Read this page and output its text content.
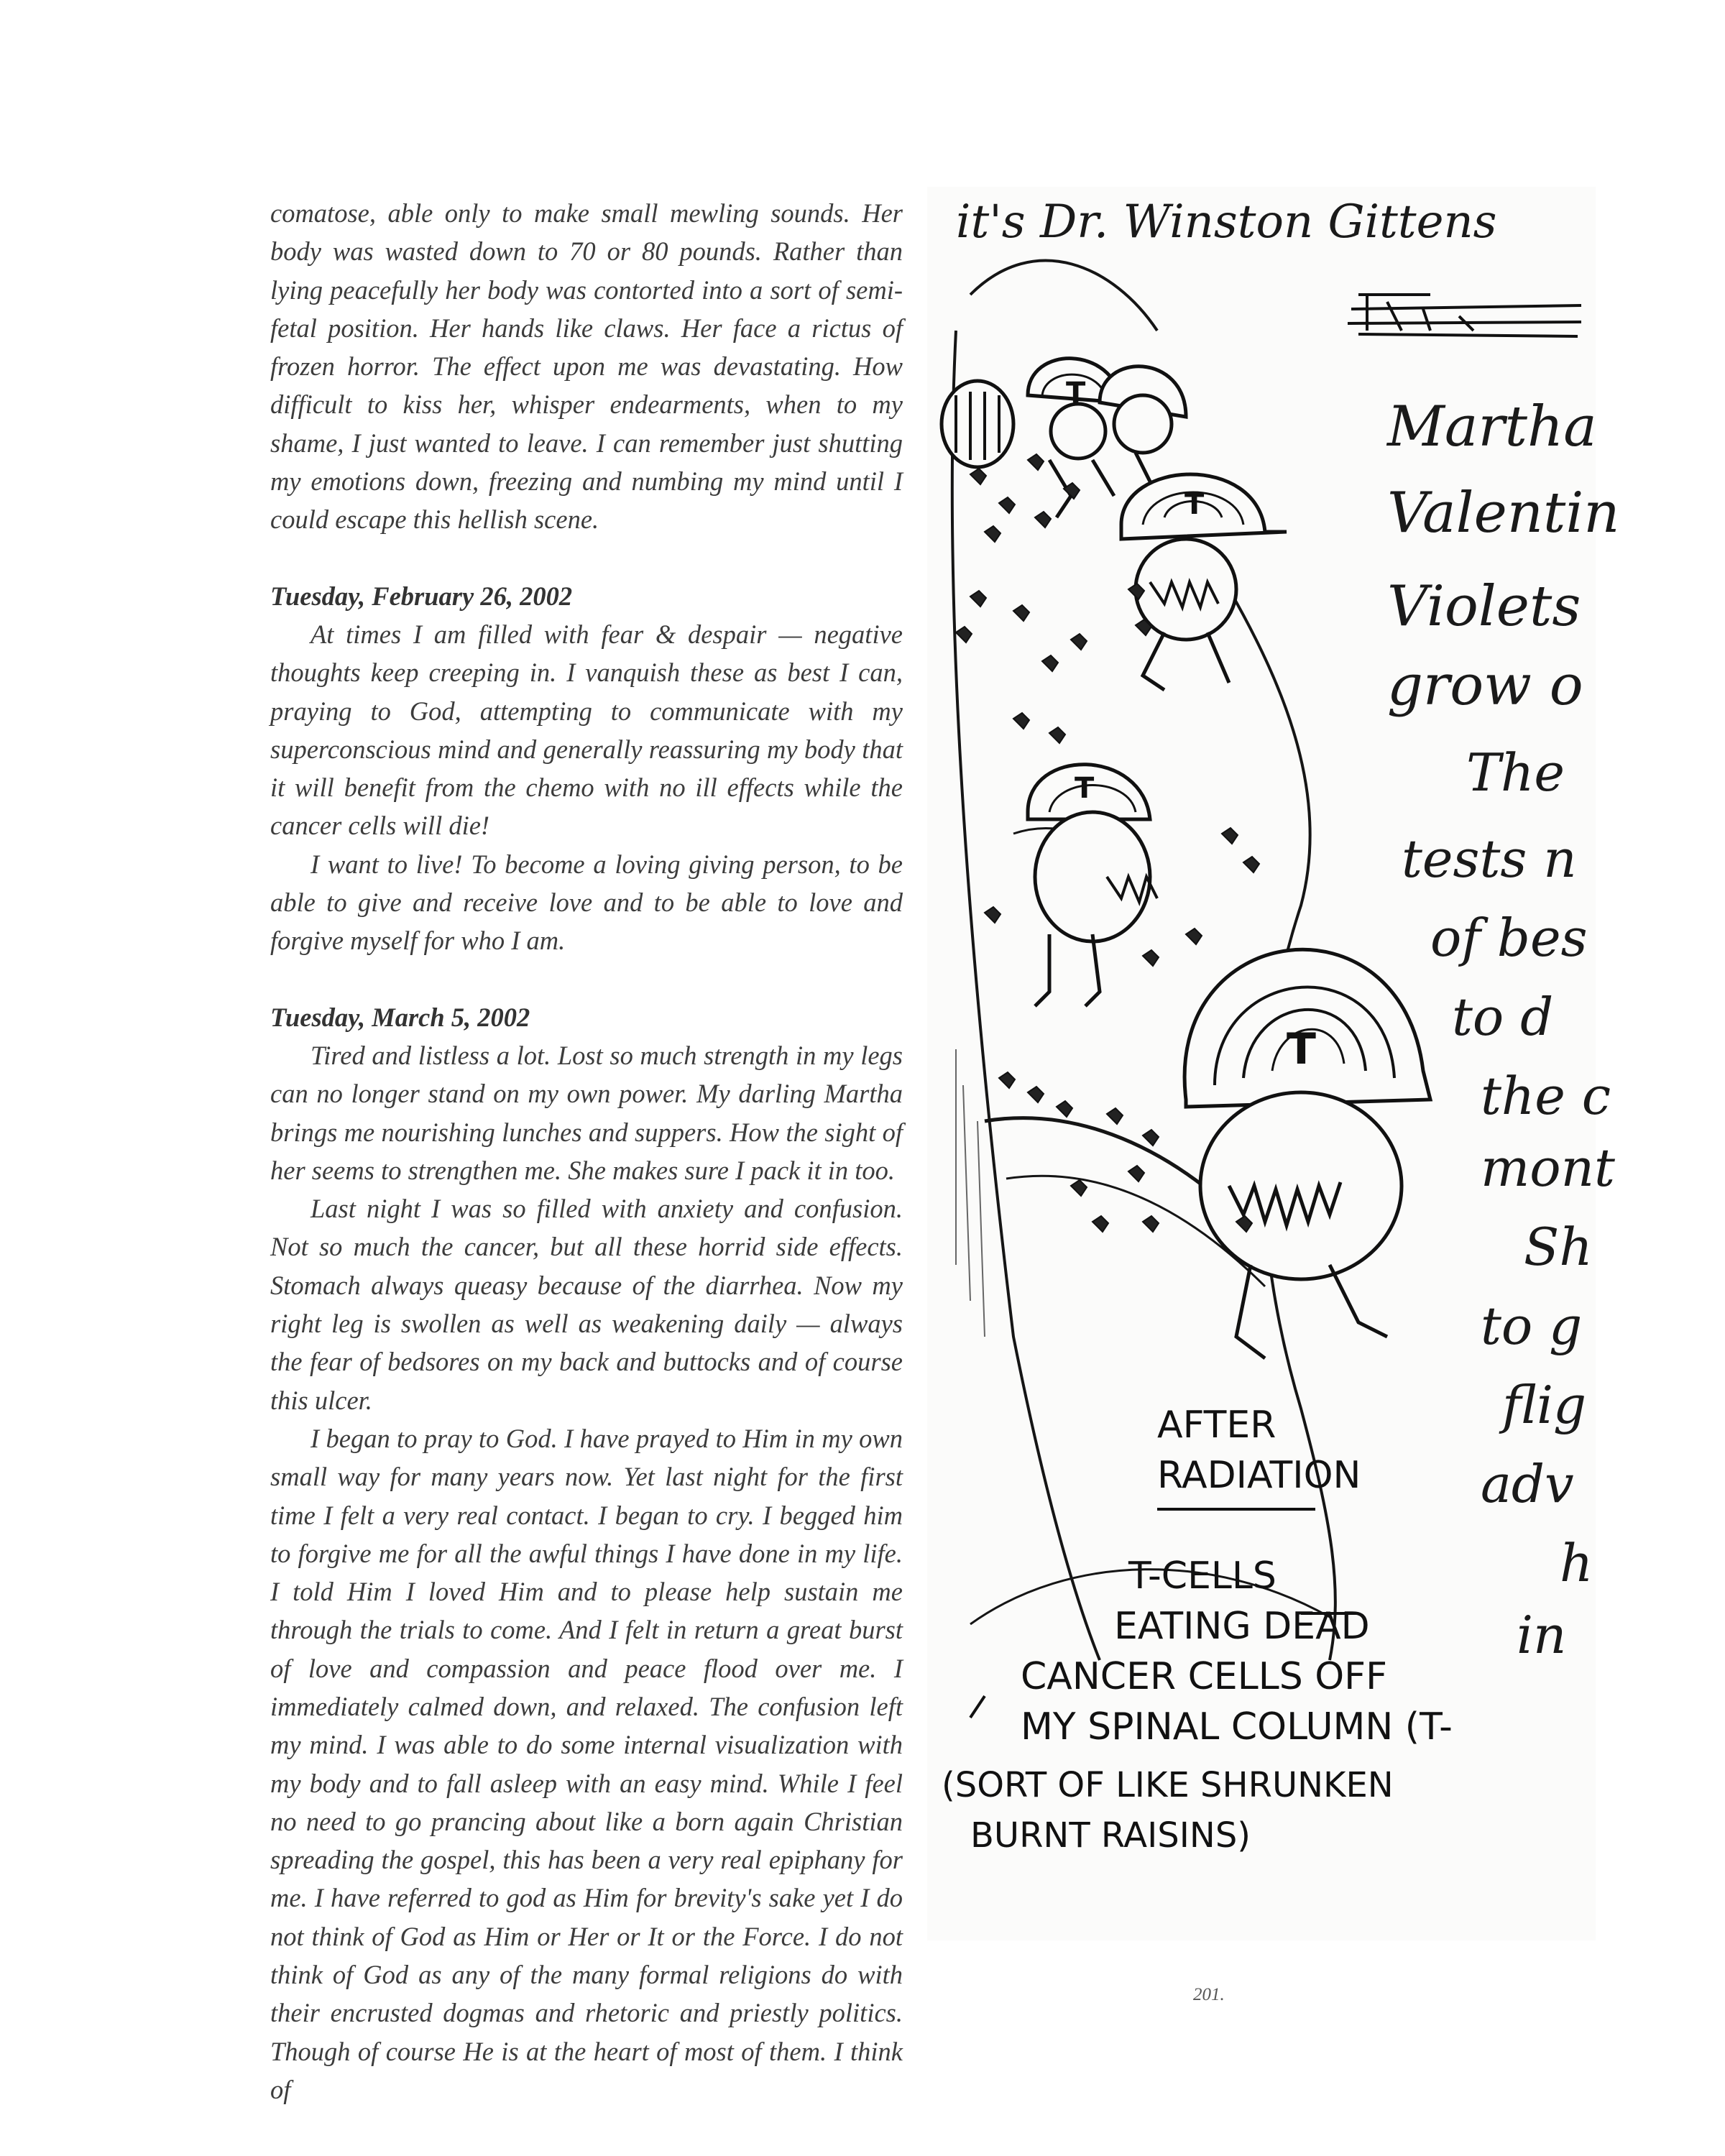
comatose, able only to make small mewling sounds. Her body was wasted down to 70 or 80 pounds. Rather than lying peacefully her body was contorted into a sort of semi-fetal position. Her hands like claws. Her face a rictus of frozen horror. The effect upon me was devastating. How difficult to kiss her, whisper endearments, when to my shame, I just wanted to leave. I can remember just shutting my emotions down, freezing and numbing my mind until I could escape this hellish scene.

Tuesday, February 26, 2002

At times I am filled with fear & despair — negative thoughts keep creeping in. I vanquish these as best I can, praying to God, attempting to communicate with my superconscious mind and generally reassuring my body that it will benefit from the chemo with no ill effects while the cancer cells will die!

I want to live! To become a loving giving person, to be able to give and receive love and to be able to love and forgive myself for who I am.

Tuesday, March 5, 2002

Tired and listless a lot. Lost so much strength in my legs can no longer stand on my own power. My darling Martha brings me nourishing lunches and suppers. How the sight of her seems to strengthen me. She makes sure I pack it in too.

Last night I was so filled with anxiety and confusion. Not so much the cancer, but all these horrid side effects. Stomach always queasy because of the diarrhea. Now my right leg is swollen as well as weakening daily — always the fear of bedsores on my back and buttocks and of course this ulcer.

I began to pray to God. I have prayed to Him in my own small way for many years now. Yet last night for the first time I felt a very real contact. I began to cry. I begged him to forgive me for all the awful things I have done in my life. I told Him I loved Him and to please help sustain me through the trials to come. And I felt in return a great burst of love and compassion and peace flood over me. I immediately calmed down, and relaxed. The confusion left my mind. I was able to do some internal visualization with my body and to fall asleep with an easy mind. While I feel no need to go prancing about like a born again Christian spreading the gospel, this has been a very real epiphany for me. I have referred to god as Him for brevity's sake yet I do not think of God as Him or Her or It or the Force. I do not think of God as any of the many formal religions do with their encrusted dogmas and rhetoric and priestly politics. Though of course He is at the heart of most of them. I think of

it's Dr. Winston Gittens
Martha
Valentin
Violets
grow o
The
tests n
of bes
to d
the c
mont
Sh
to g
flig
adv
h
in
T
T
T
T
AFTER
RADIATION
T-CELLS
EATING DEAD
CANCER CELLS OFF
MY SPINAL COLUMN (T-
(SORT OF LIKE SHRUNKEN
BURNT RAISINS)
201.
